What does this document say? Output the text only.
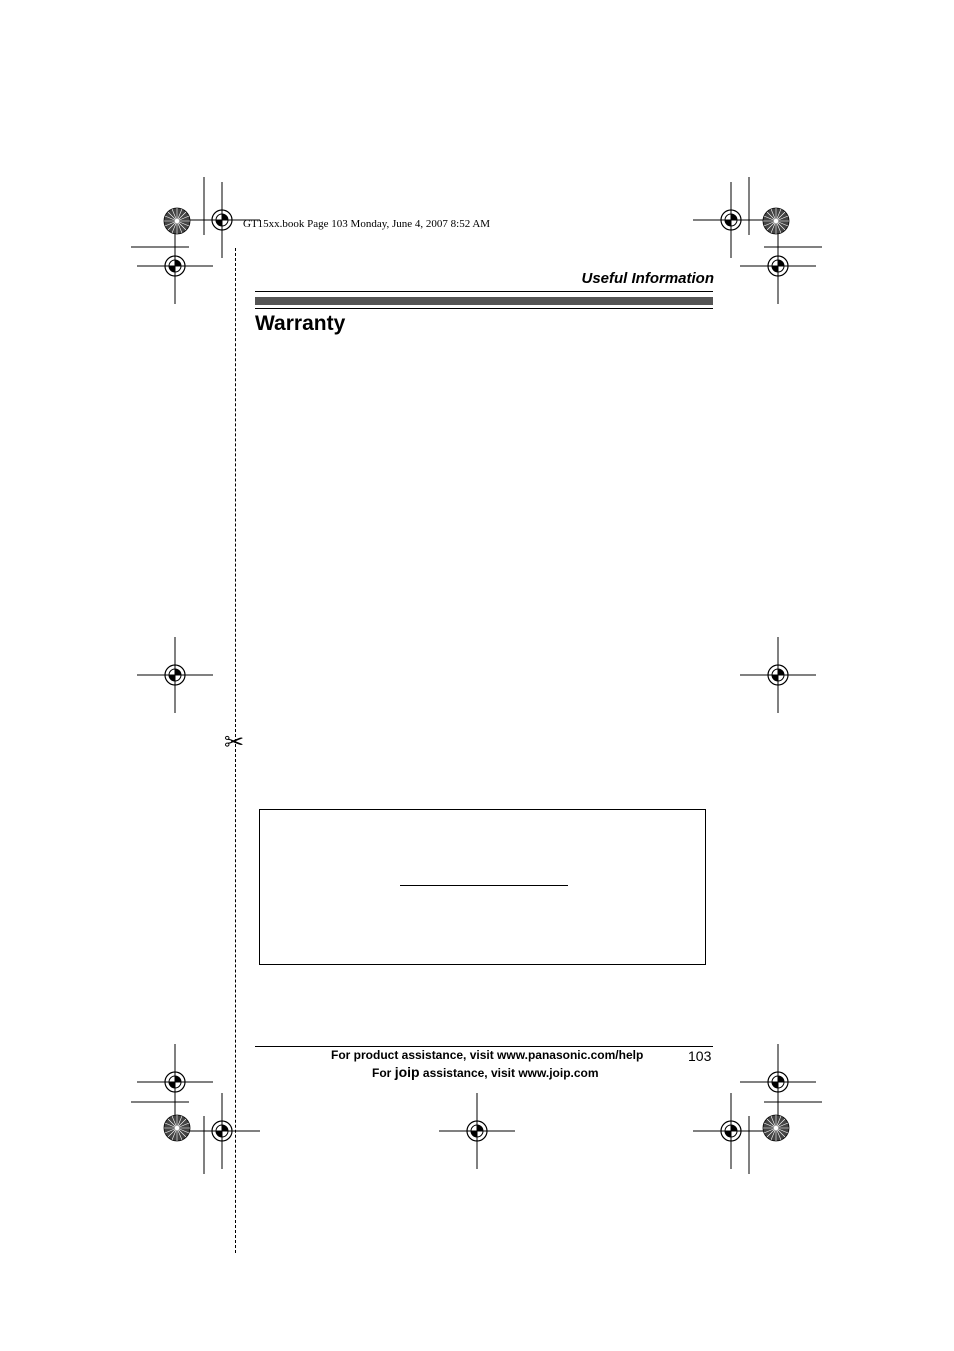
GT15xx.book Page 103 Monday, June 4, 2007 8:52 AM
Useful Information
Warranty
✂
For product assistance, visit www.panasonic.com/help
For joip assistance, visit www.joip.com
103
